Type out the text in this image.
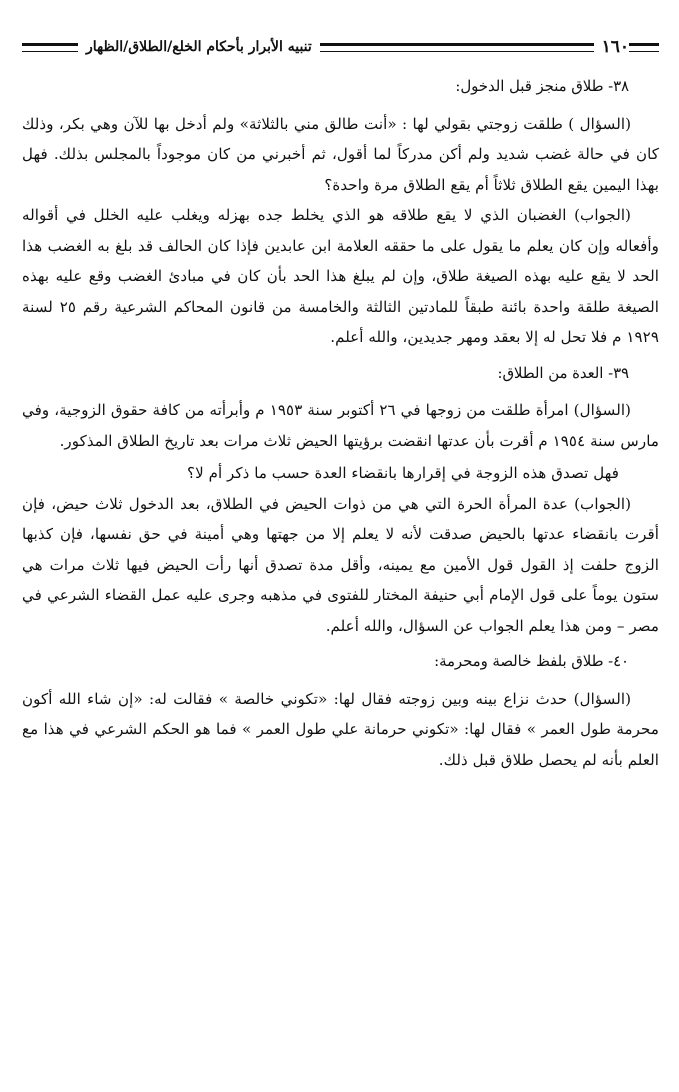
١٦٠
تنبيه الأبرار بأحكام الخلع/الطلاق/الظهار

٣٨- طلاق منجز قبل الدخول:

(السؤال ) طلقت زوجتي بقولي لها : «أنت طالق مني بالثلاثة» ولم أدخل بها للآن وهي بكر، وذلك كان في حالة غضب شديد ولم أكن مدركاً لما أقول، ثم أخبرني من كان موجوداً بالمجلس بذلك. فهل بهذا اليمين يقع الطلاق ثلاثاً أم يقع الطلاق مرة واحدة؟

(الجواب) الغضبان الذي لا يقع طلاقه هو الذي يخلط جده بهزله ويغلب عليه الخلل في أقواله وأفعاله وإن كان يعلم ما يقول على ما حققه العلامة ابن عابدين فإذا كان الحالف قد بلغ به الغضب هذا الحد لا يقع عليه بهذه الصيغة طلاق، وإن لم يبلغ هذا الحد بأن كان في مبادئ الغضب وقع عليه بهذه الصيغة طلقة واحدة بائنة طبقاً للمادتين الثالثة والخامسة من قانون المحاكم الشرعية رقم ٢٥ لسنة ١٩٢٩ م فلا تحل له إلا بعقد ومهر جديدين، والله أعلم.

٣٩- العدة من الطلاق:

(السؤال) امرأة طلقت من زوجها في ٢٦ أكتوبر سنة ١٩٥٣ م وأبرأته من كافة حقوق الزوجية، وفي مارس سنة ١٩٥٤ م أقرت بأن عدتها انقضت برؤيتها الحيض ثلاث مرات بعد تاريخ الطلاق المذكور.

فهل تصدق هذه الزوجة في إقرارها بانقضاء العدة حسب ما ذكر أم لا؟

(الجواب) عدة المرأة الحرة التي هي من ذوات الحيض في الطلاق، بعد الدخول ثلاث حيض، فإن أقرت بانقضاء عدتها بالحيض صدقت لأنه لا يعلم إلا من جهتها وهي أمينة في حق نفسها، فإن كذبها الزوج حلفت إذ القول قول الأمين مع يمينه، وأقل مدة تصدق أنها رأت الحيض فيها ثلاث مرات هي ستون يوماً على قول الإمام أبي حنيفة المختار للفتوى في مذهبه وجرى عليه عمل القضاء الشرعي في مصر – ومن هذا يعلم الجواب عن السؤال، والله أعلم.

٤٠- طلاق بلفظ خالصة ومحرمة:

(السؤال) حدث نزاع بينه وبين زوجته فقال لها: «تكوني خالصة » فقالت له: «إن شاء الله أكون محرمة طول العمر » فقال لها: «تكوني حرمانة علي طول العمر » فما هو الحكم الشرعي في هذا مع العلم بأنه لم يحصل طلاق قبل ذلك.
